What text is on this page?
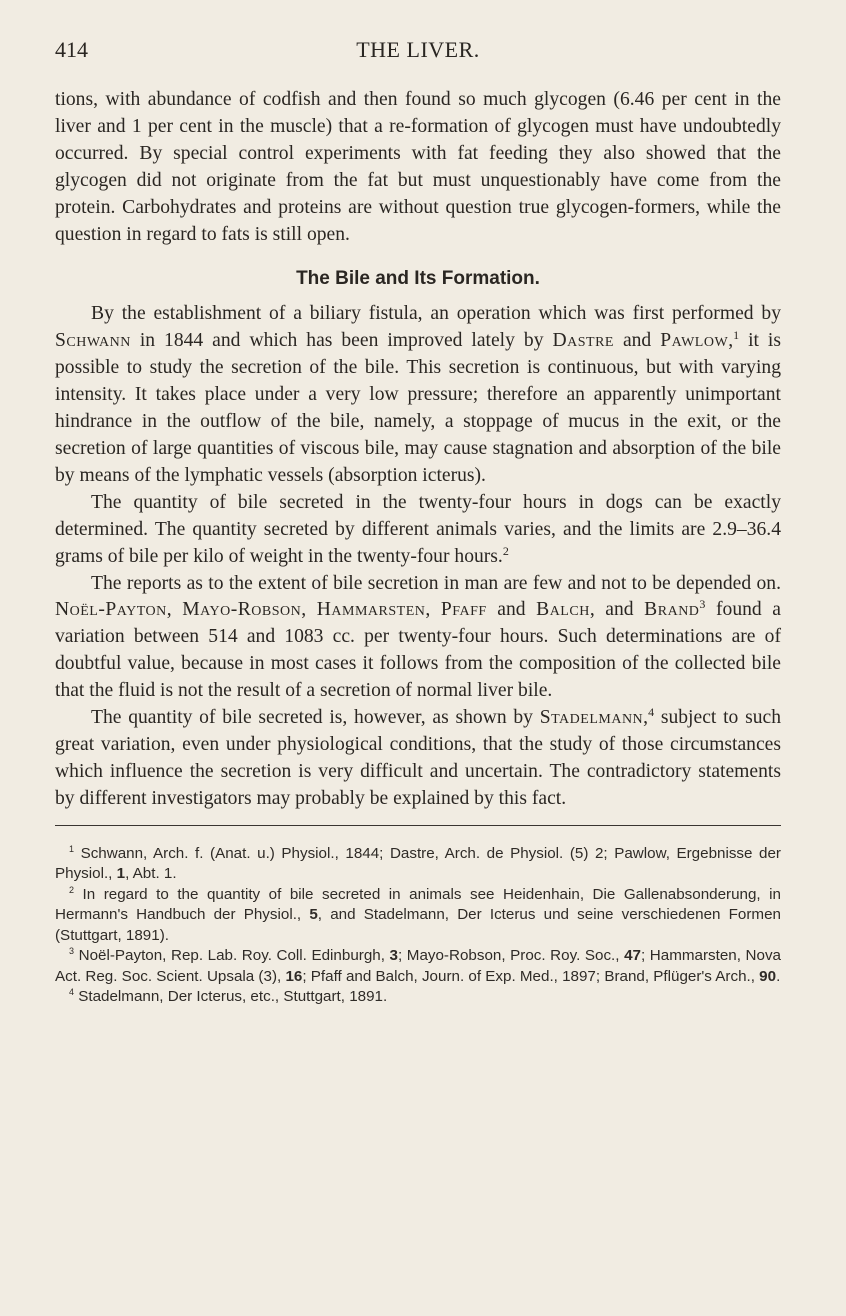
414	THE LIVER.

tions, with abundance of codfish and then found so much glycogen (6.46 per cent in the liver and 1 per cent in the muscle) that a re-formation of glycogen must have undoubtedly occurred. By special control experiments with fat feeding they also showed that the glycogen did not originate from the fat but must unquestionably have come from the protein. Carbohydrates and proteins are without question true glycogen-formers, while the question in regard to fats is still open.

The Bile and Its Formation.

By the establishment of a biliary fistula, an operation which was first performed by Schwann in 1844 and which has been improved lately by Dastre and Pawlow,$^1$ it is possible to study the secretion of the bile. This secretion is continuous, but with varying intensity. It takes place under a very low pressure; therefore an apparently unimportant hindrance in the outflow of the bile, namely, a stoppage of mucus in the exit, or the secretion of large quantities of viscous bile, may cause stagnation and absorption of the bile by means of the lymphatic vessels (absorption icterus).

The quantity of bile secreted in the twenty-four hours in dogs can be exactly determined. The quantity secreted by different animals varies, and the limits are 2.9–36.4 grams of bile per kilo of weight in the twenty-four hours.$^2$

The reports as to the extent of bile secretion in man are few and not to be depended on. Noël-Payton, Mayo-Robson, Hammarsten, Pfaff and Balch, and Brand$^3$ found a variation between 514 and 1083 cc. per twenty-four hours. Such determinations are of doubtful value, because in most cases it follows from the composition of the collected bile that the fluid is not the result of a secretion of normal liver bile.

The quantity of bile secreted is, however, as shown by Stadelmann,$^4$ subject to such great variation, even under physiological conditions, that the study of those circumstances which influence the secretion is very difficult and uncertain. The contradictory statements by different investigators may probably be explained by this fact.

$^1$ Schwann, Arch. f. (Anat. u.) Physiol., 1844; Dastre, Arch. de Physiol. (5) 2; Pawlow, Ergebnisse der Physiol., 1, Abt. 1.

$^2$ In regard to the quantity of bile secreted in animals see Heidenhain, Die Gallenabsonderung, in Hermann's Handbuch der Physiol., 5, and Stadelmann, Der Icterus und seine verschiedenen Formen (Stuttgart, 1891).

$^3$ Noël-Payton, Rep. Lab. Roy. Coll. Edinburgh, 3; Mayo-Robson, Proc. Roy. Soc., 47; Hammarsten, Nova Act. Reg. Soc. Scient. Upsala (3), 16; Pfaff and Balch, Journ. of Exp. Med., 1897; Brand, Pflüger's Arch., 90.

$^4$ Stadelmann, Der Icterus, etc., Stuttgart, 1891.
